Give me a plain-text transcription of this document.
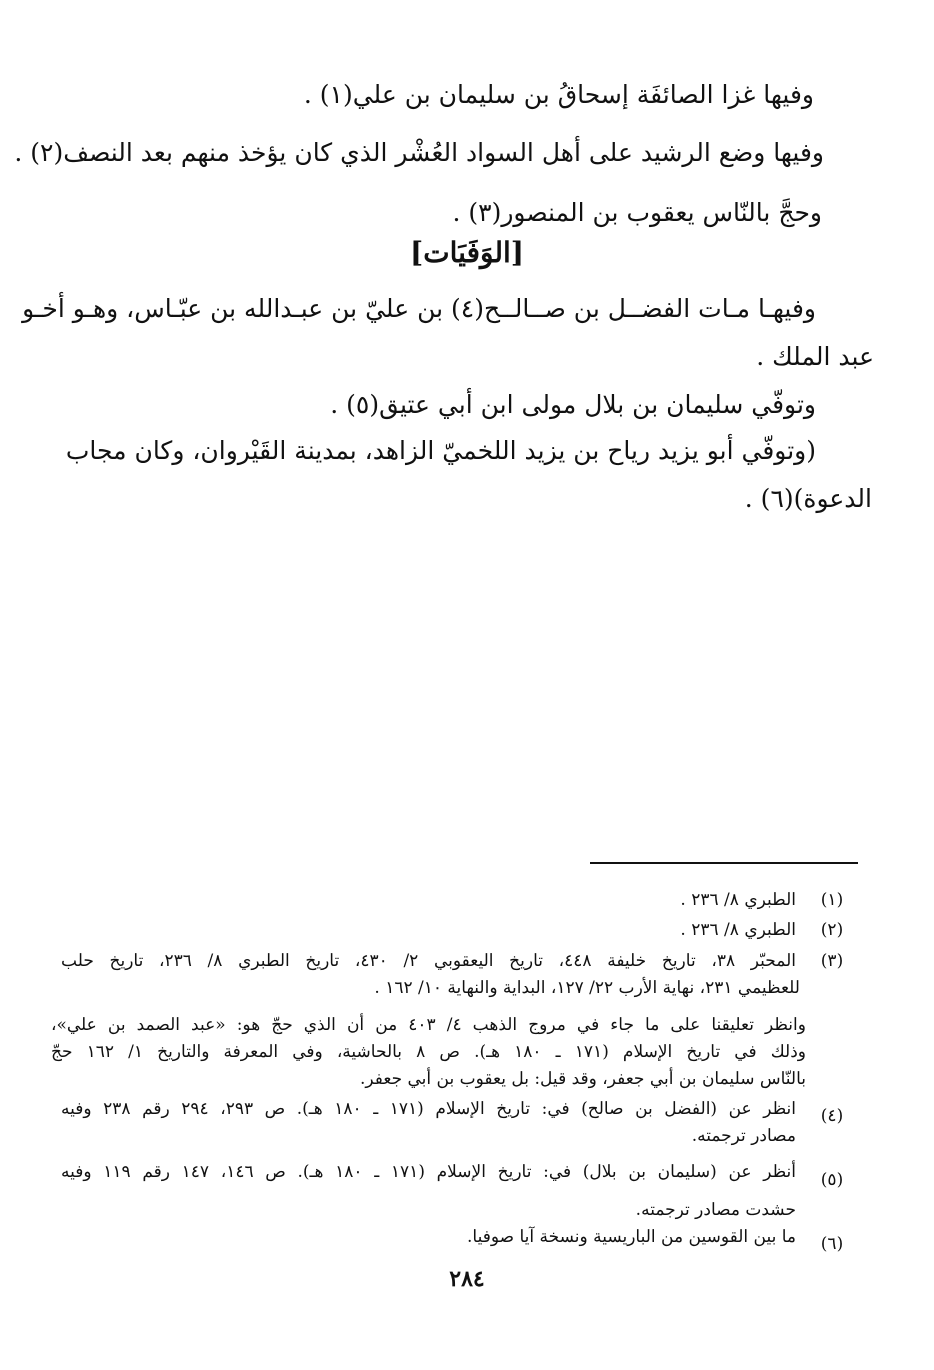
وفيها غزا الصائفَة إسحاقُ بن سليمان بن علي(١) .
وفيها وضع الرشيد على أهل السواد العُشْر الذي كان يؤخذ منهم بعد النصف(٢) .
وحجَّ بالنّاس يعقوب بن المنصور(٣) .
[الوَفَيَات]
وفيهـا مـات الفضــل بن صــالــح(٤) بن عليّ بن عبـدالله بن عبّـاس، وهـو أخـو
عبد الملك .
وتوفّي سليمان بن بلال مولى ابن أبي عتيق(٥) .
(وتوفّي أبو يزيد رياح بن يزيد اللخميّ الزاهد، بمدينة القَيْروان، وكان مجاب
الدعوة)(٦) .
(١)
الطبري ٨/ ٢٣٦ .
(٢)
الطبري ٨/ ٢٣٦ .
(٣)
المحبّر ٣٨، تاريخ خليفة ٤٤٨، تاريخ اليعقوبي ٢/ ٤٣٠، تاريخ الطبري ٨/ ٢٣٦، تاريخ حلب
للعظيمي ٢٣١، نهاية الأرب ٢٢/ ١٢٧، البداية والنهاية ١٠/ ١٦٢ .
وانظر تعليقنا على ما جاء في مروج الذهب ٤/ ٤٠٣ من أن الذي حجّ هو: «عبد الصمد بن علي»،
وذلك في تاريخ الإسلام (١٧١ ـ ١٨٠ هـ). ص ٨ بالحاشية، وفي المعرفة والتاريخ ١/ ١٦٢ حجّ
بالنّاس سليمان بن أبي جعفر، وقد قيل: بل يعقوب بن أبي جعفر.
(٤)
انظر عن (الفضل بن صالح) في: تاريخ الإسلام (١٧١ ـ ١٨٠ هـ). ص ٢٩٣، ٢٩٤ رقم ٢٣٨ وفيه
مصادر ترجمته.
(٥)
أنظر عن (سليمان بن بلال) في: تاريخ الإسلام (١٧١ ـ ١٨٠ هـ). ص ١٤٦، ١٤٧ رقم ١١٩ وفيه
حشدت مصادر ترجمته.
(٦)
ما بين القوسين من الباريسية ونسخة آيا صوفيا.
٢٨٤
